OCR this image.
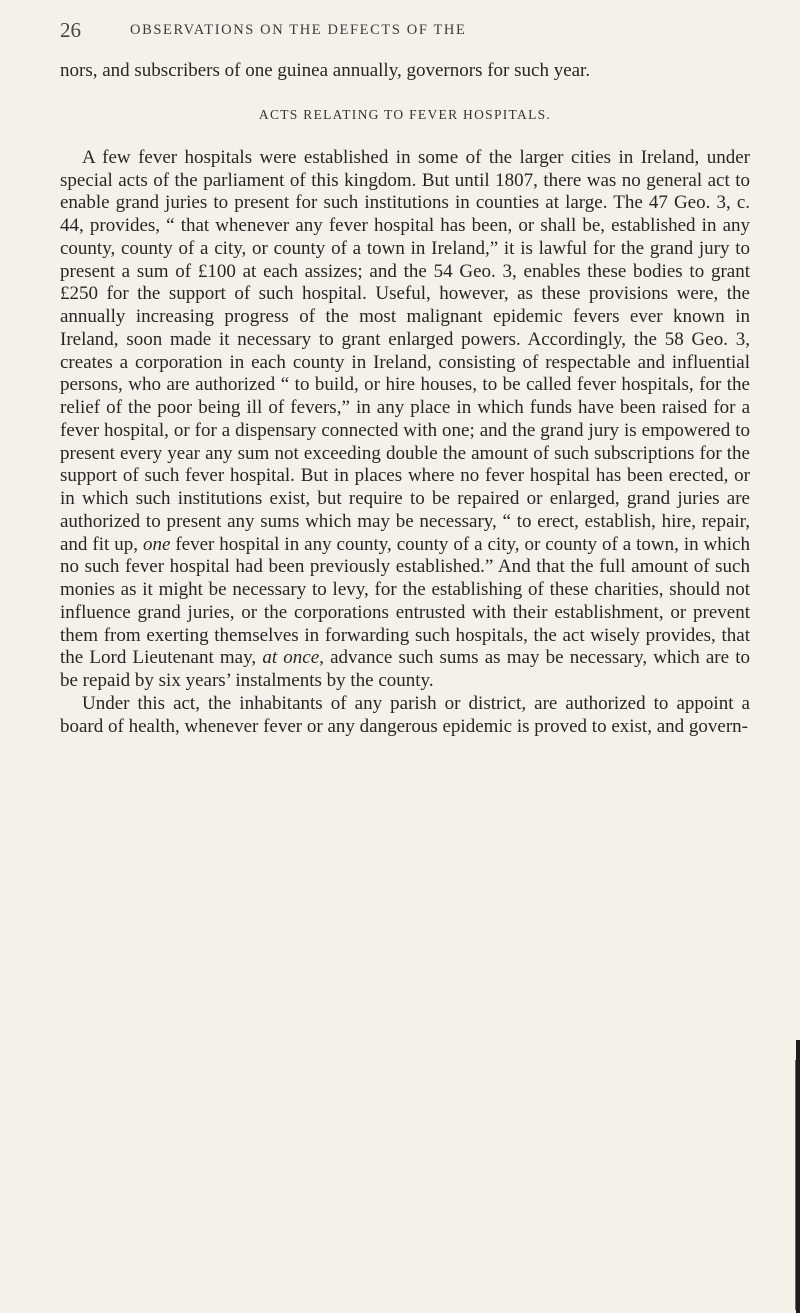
26	OBSERVATIONS ON THE DEFECTS OF THE

nors, and subscribers of one guinea annually, governors for such year.

ACTS RELATING TO FEVER HOSPITALS.

A few fever hospitals were established in some of the larger cities in Ireland, under special acts of the parliament of this kingdom. But until 1807, there was no general act to enable grand juries to present for such institutions in counties at large. The 47 Geo. 3, c. 44, provides, “ that whenever any fever hospital has been, or shall be, established in any county, county of a city, or county of a town in Ireland,” it is lawful for the grand jury to present a sum of £100 at each assizes; and the 54 Geo. 3, enables these bodies to grant £250 for the support of such hospital. Useful, however, as these provisions were, the annually increasing progress of the most malignant epidemic fevers ever known in Ireland, soon made it necessary to grant enlarged powers. Accordingly, the 58 Geo. 3, creates a corporation in each county in Ireland, consisting of respectable and influential persons, who are authorized “ to build, or hire houses, to be called fever hospitals, for the relief of the poor being ill of fevers,” in any place in which funds have been raised for a fever hospital, or for a dispensary connected with one; and the grand jury is empowered to present every year any sum not exceeding double the amount of such subscriptions for the support of such fever hospital. But in places where no fever hospital has been erected, or in which such institutions exist, but require to be repaired or enlarged, grand juries are authorized to present any sums which may be necessary, “ to erect, establish, hire, repair, and fit up, one fever hospital in any county, county of a city, or county of a town, in which no such fever hospital had been previously established.” And that the full amount of such monies as it might be necessary to levy, for the establishing of these charities, should not influence grand juries, or the corporations entrusted with their establishment, or prevent them from exerting themselves in forwarding such hospitals, the act wisely provides, that the Lord Lieutenant may, at once, advance such sums as may be necessary, which are to be repaid by six years’ instalments by the county.

Under this act, the inhabitants of any parish or district, are authorized to appoint a board of health, whenever fever or any dangerous epidemic is proved to exist, and govern-
